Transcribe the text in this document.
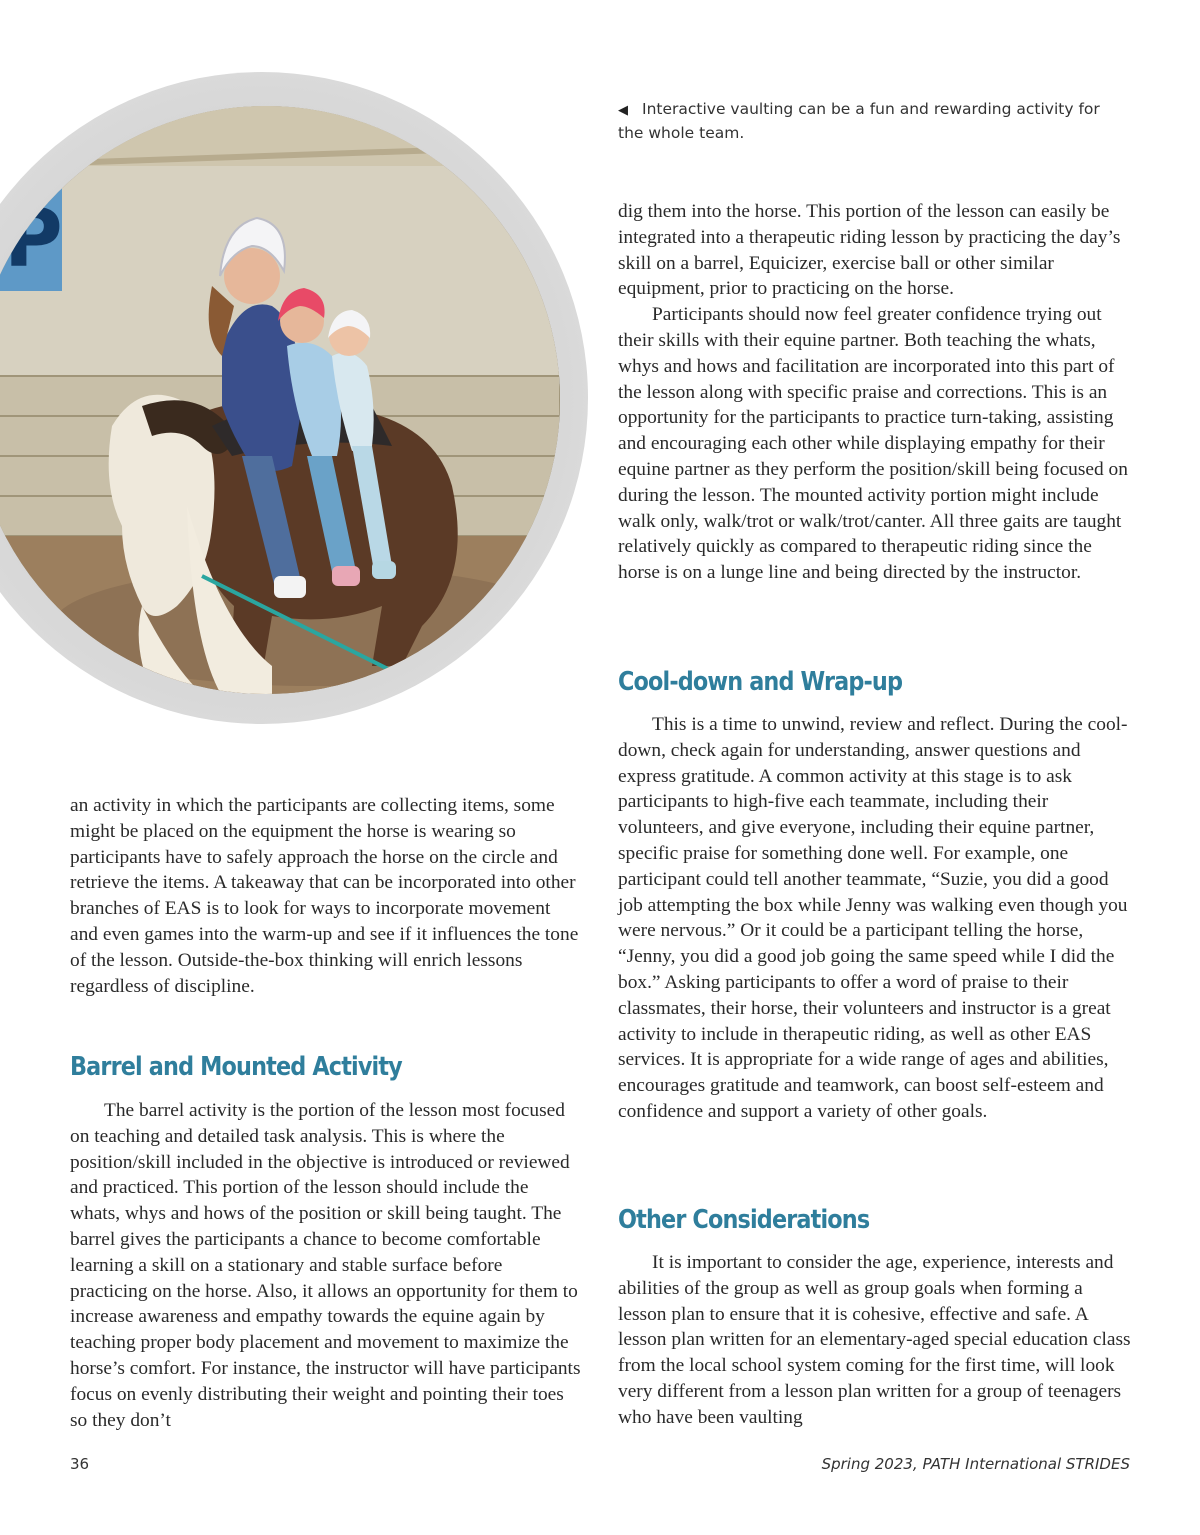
P
◀ Interactive vaulting can be a fun and rewarding activity for the whole team.

an activity in which the participants are collecting items, some might be placed on the equipment the horse is wearing so participants have to safely approach the horse on the circle and retrieve the items. A takeaway that can be incorporated into other branches of EAS is to look for ways to incorporate movement and even games into the warm-up and see if it influences the tone of the lesson. Outside-the-box thinking will enrich lessons regardless of discipline.

Barrel and Mounted Activity

The barrel activity is the portion of the lesson most focused on teaching and detailed task analysis. This is where the position/skill included in the objective is introduced or reviewed and practiced. This portion of the lesson should include the whats, whys and hows of the position or skill being taught. The barrel gives the participants a chance to become comfortable learning a skill on a stationary and stable surface before practicing on the horse. Also, it allows an opportunity for them to increase awareness and empathy towards the equine again by teaching proper body placement and movement to maximize the horse’s comfort. For instance, the instructor will have participants focus on evenly distributing their weight and pointing their toes so they don’t

dig them into the horse. This portion of the lesson can easily be integrated into a therapeutic riding lesson by practicing the day’s skill on a barrel, Equicizer, exercise ball or other similar equipment, prior to practicing on the horse.

Participants should now feel greater confidence trying out their skills with their equine partner. Both teaching the whats, whys and hows and facilitation are incorporated into this part of the lesson along with specific praise and corrections. This is an opportunity for the participants to practice turn-taking, assisting and encouraging each other while displaying empathy for their equine partner as they perform the position/skill being focused on during the lesson. The mounted activity portion might include walk only, walk/trot or walk/trot/canter. All three gaits are taught relatively quickly as compared to therapeutic riding since the horse is on a lunge line and being directed by the instructor.

Cool-down and Wrap-up

This is a time to unwind, review and reflect. During the cool-down, check again for understanding, answer questions and express gratitude. A common activity at this stage is to ask participants to high-five each teammate, including their volunteers, and give everyone, including their equine partner, specific praise for something done well. For example, one participant could tell another teammate, “Suzie, you did a good job attempting the box while Jenny was walking even though you were nervous.” Or it could be a participant telling the horse, “Jenny, you did a good job going the same speed while I did the box.” Asking participants to offer a word of praise to their classmates, their horse, their volunteers and instructor is a great activity to include in therapeutic riding, as well as other EAS services. It is appropriate for a wide range of ages and abilities, encourages gratitude and teamwork, can boost self-esteem and confidence and support a variety of other goals.

Other Considerations

It is important to consider the age, experience, interests and abilities of the group as well as group goals when forming a lesson plan to ensure that it is cohesive, effective and safe. A lesson plan written for an elementary-aged special education class from the local school system coming for the first time, will look very different from a lesson plan written for a group of teenagers who have been vaulting

36	Spring 2023, PATH International STRIDES
